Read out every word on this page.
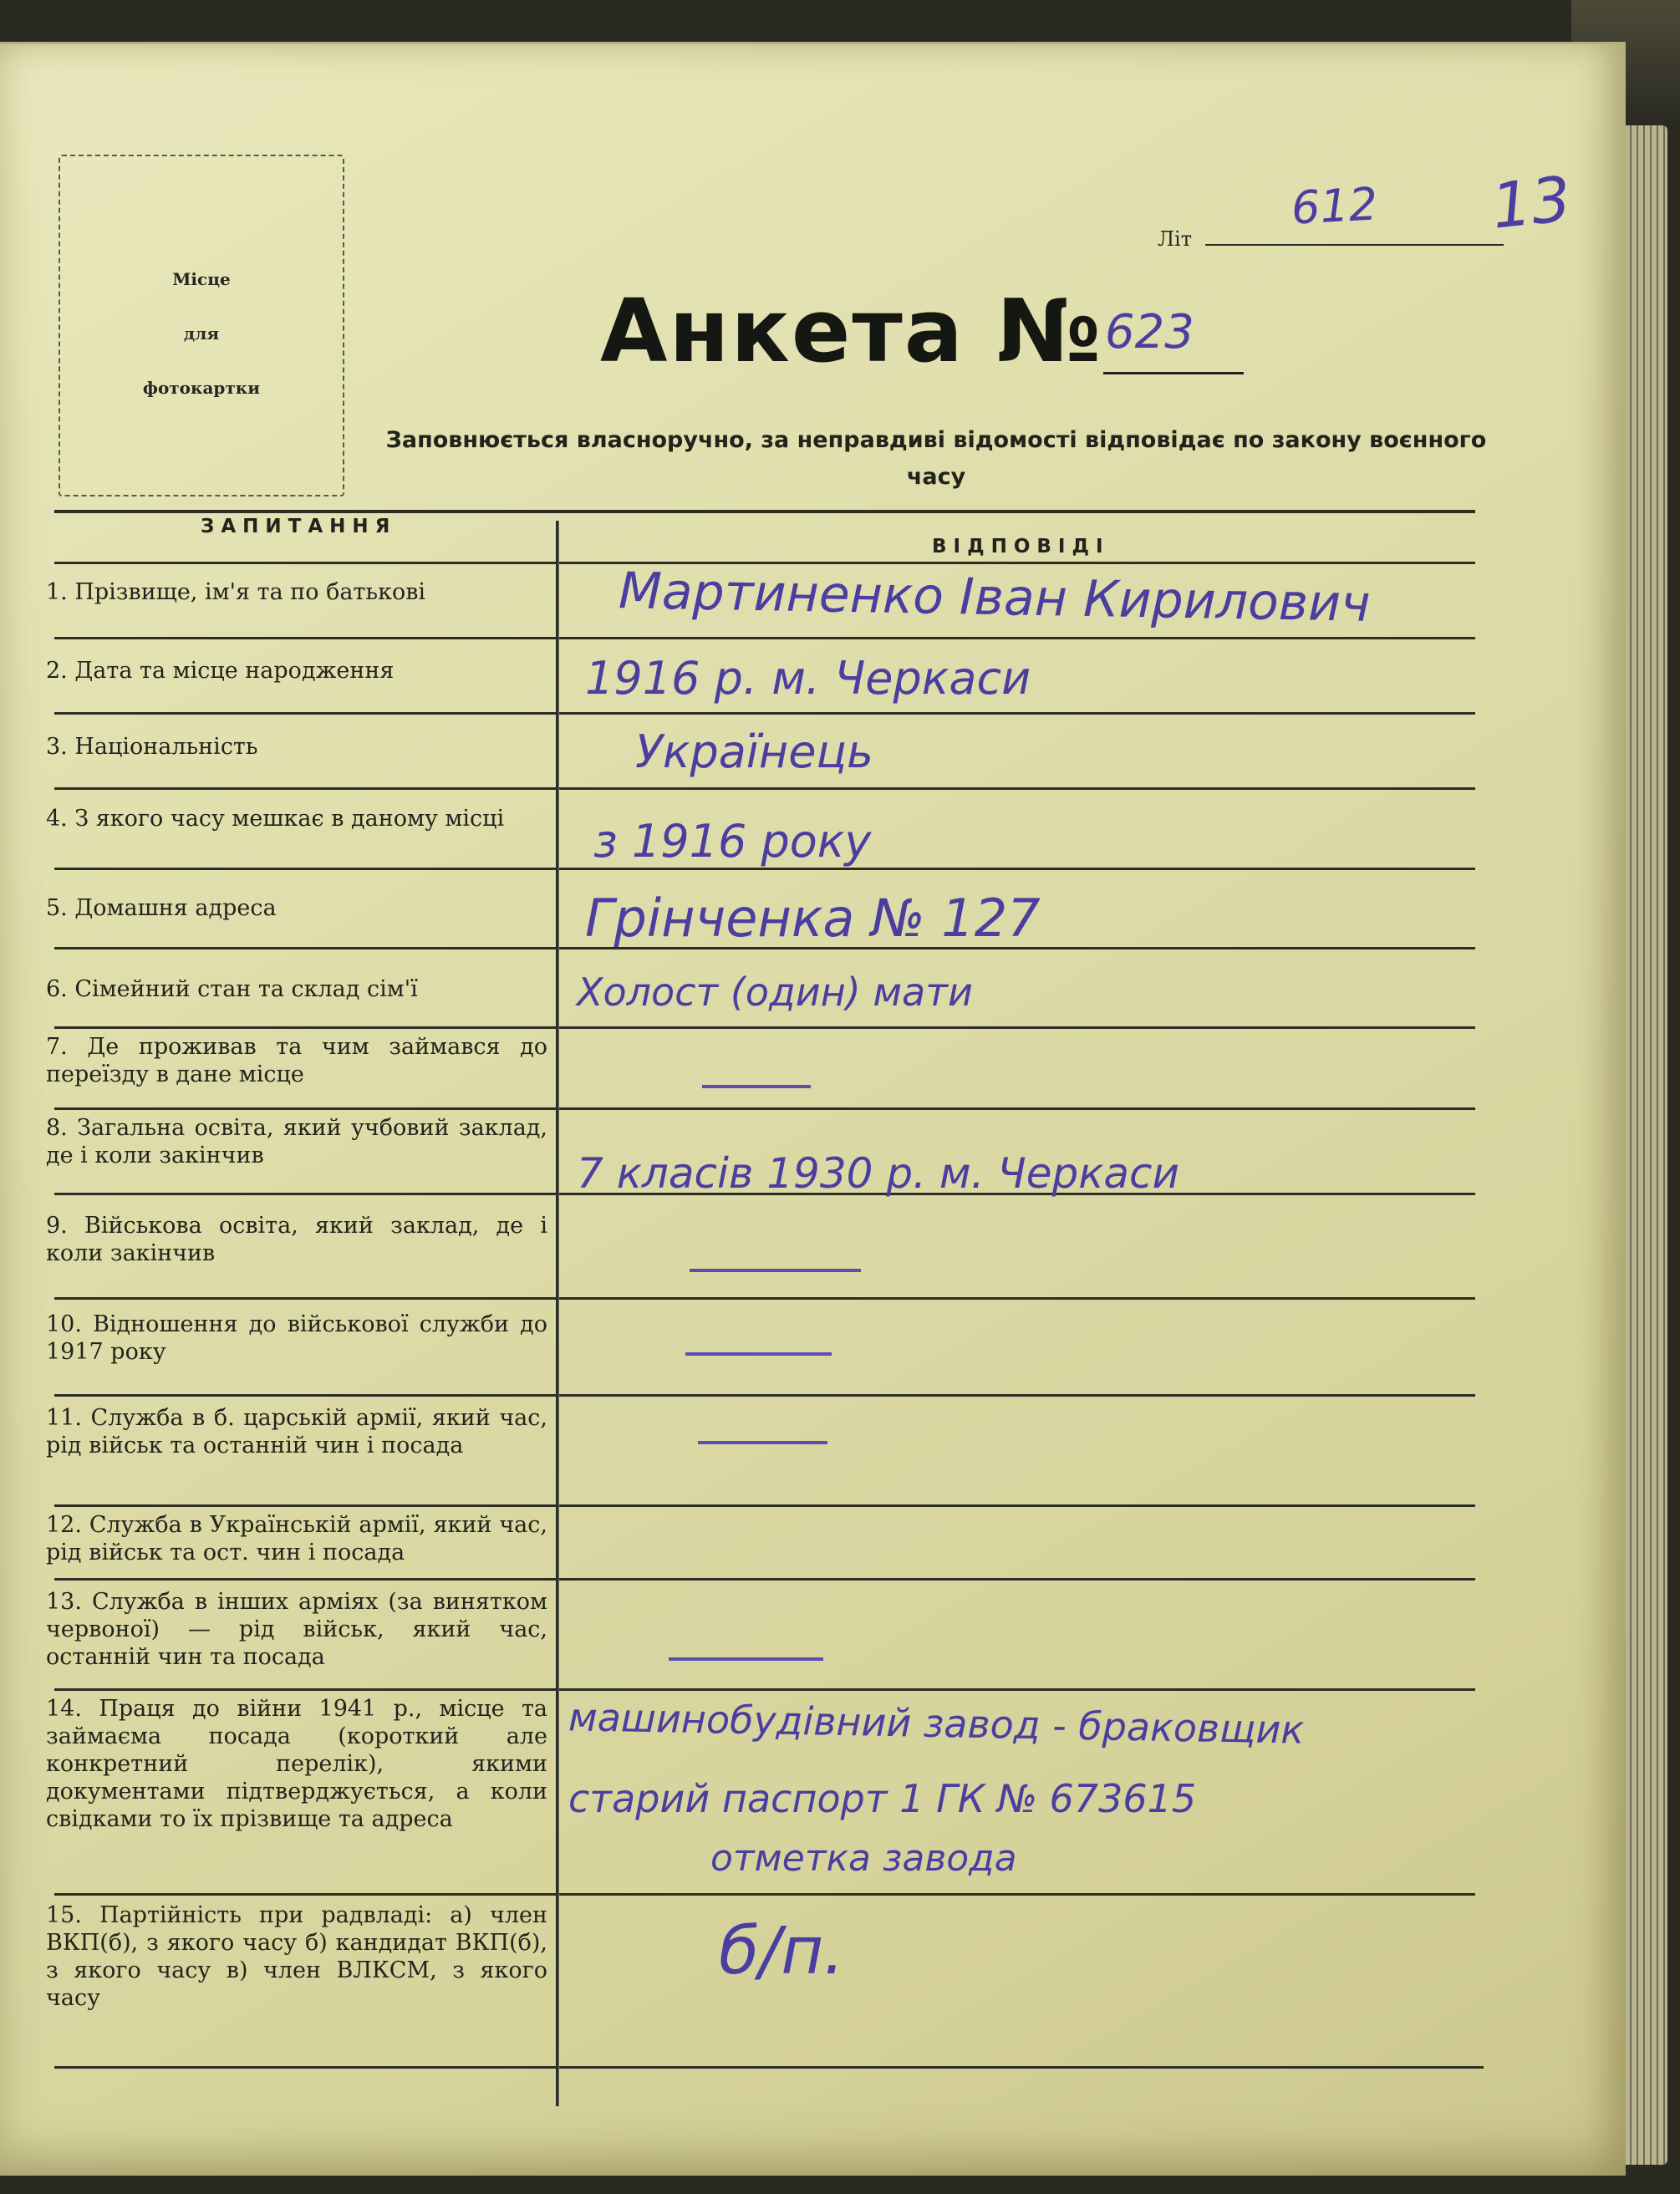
Місце
для
фотокартки
Літ
612 13
Анкета № 623
Заповнюється власноручно, за неправдиві відомості відповідає по закону воєнного часу
ЗАПИТАННЯ
ВІДПОВІДІ
1. Прізвище, ім'я та по батькові
2. Дата та місце народження
3. Національність
4. З якого часу мешкає в даному місці
5. Домашня адреса
6. Сімейний стан та склад сім'ї
7. Де проживав та чим займався до переїзду в дане місце
8. Загальна освіта, який учбовий заклад, де і коли закінчив
9. Військова освіта, який заклад, де і коли закінчив
10. Відношення до військової служби до 1917 року
11. Служба в б. царській армії, який час, рід військ та останній чин і посада
12. Служба в Українській армії, який час, рід військ та ост. чин і посада
13. Служба в інших арміях (за винятком червоної) — рід військ, який час, останній чин та посада
14. Праця до війни 1941 р., місце та займаєма посада (короткий але конкретний перелік), якими документами підтверджується, а коли свідками то їх прізвище та адреса
15. Партійність при радвладі: а) член ВКП(б), з якого часу б) кандидат ВКП(б), з якого часу в) член ВЛКСМ, з якого часу
Мартиненко Іван Кирилович
1916 р. м. Черкаси
Українець
з 1916 року
Грінченка № 127
Холост (один) мати
7 класів 1930 р. м. Черкаси
машинобудівний завод - браковщик
старий паспорт 1 ГК № 673615
отметка завода
б/п.
